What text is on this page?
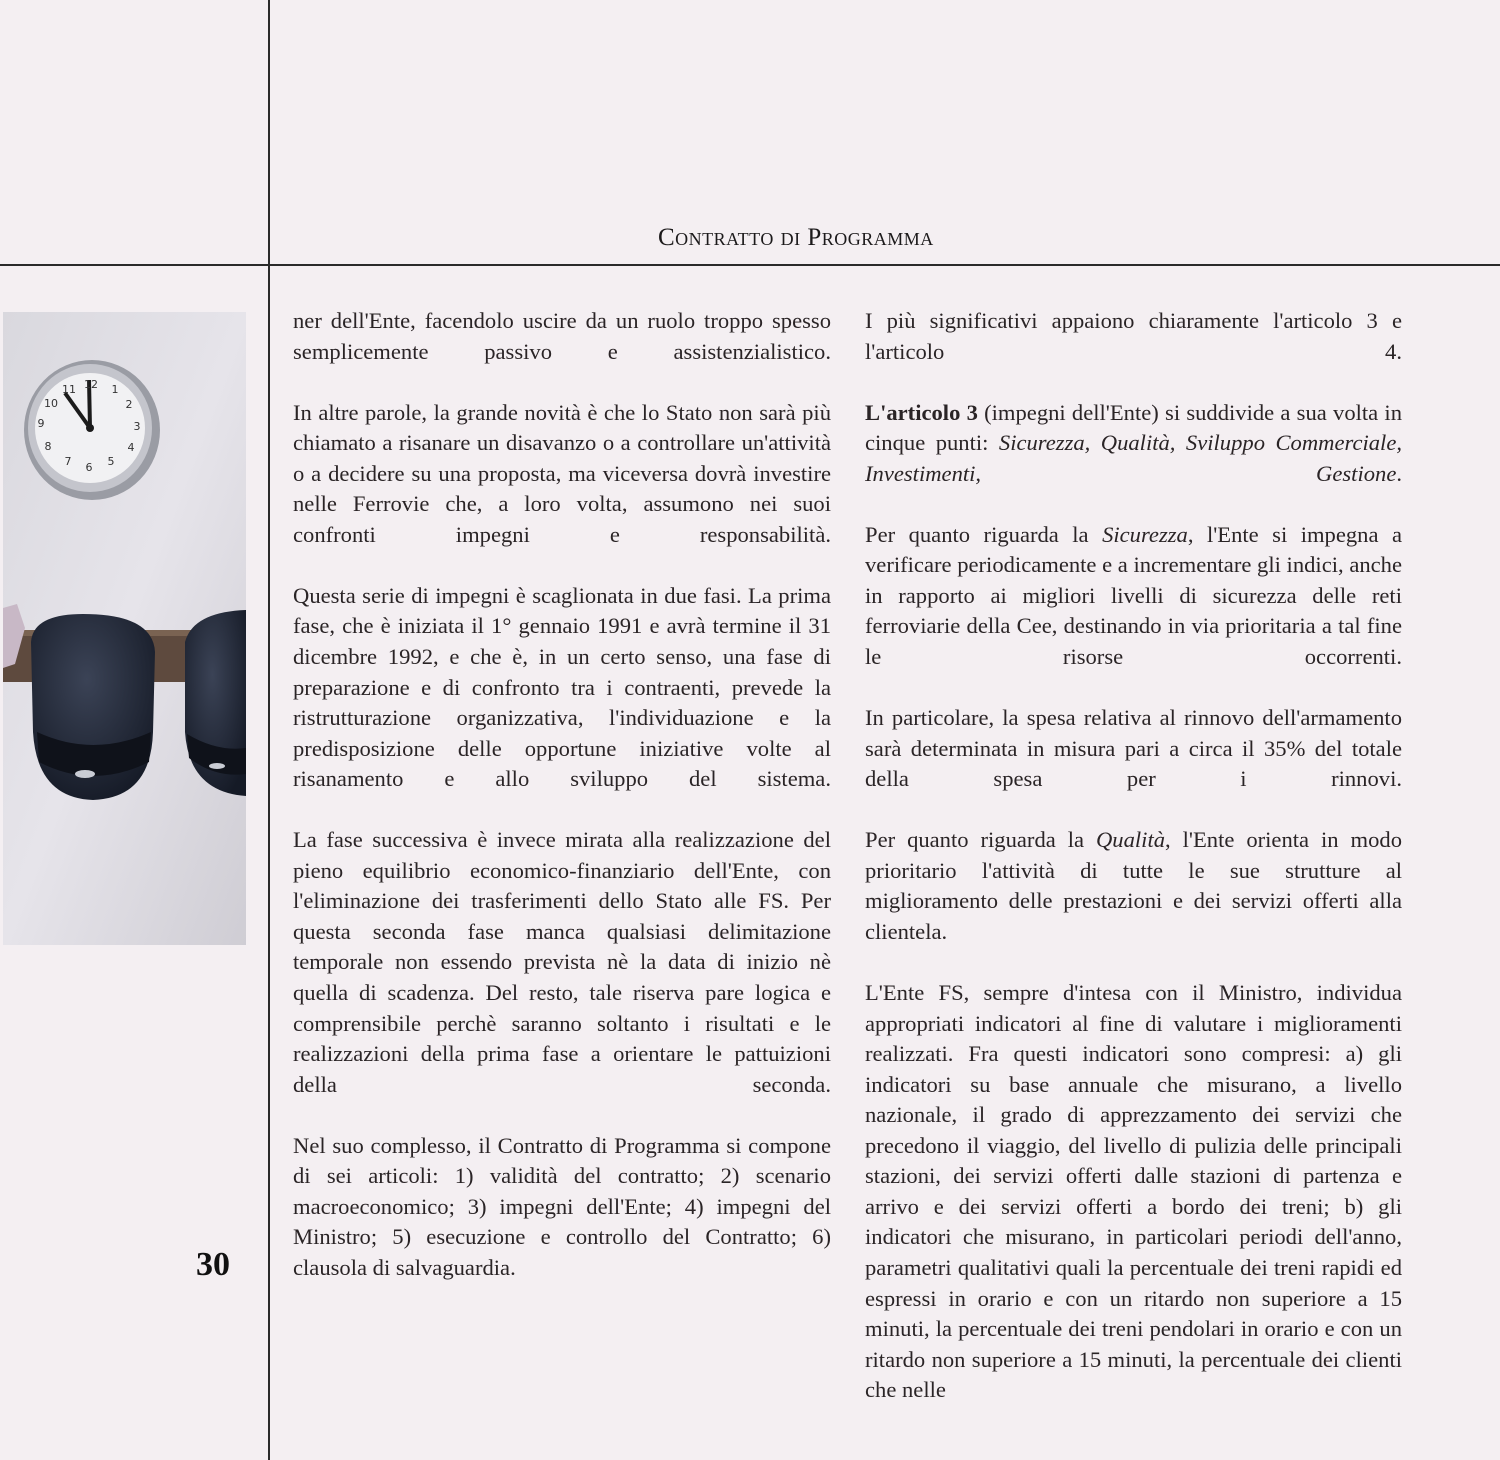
Contratto di Programma
12 1
2
3
4
5
6
7
8
9
10
11
30

ner dell'Ente, facendolo uscire da un ruolo troppo spesso semplicemente passivo e assistenzialistico.

In altre parole, la grande novità è che lo Stato non sarà più chiamato a risanare un disavanzo o a controllare un'attività o a decidere su una proposta, ma viceversa dovrà investire nelle Ferrovie che, a loro volta, assumono nei suoi confronti impegni e responsabilità.

Questa serie di impegni è scaglionata in due fasi. La prima fase, che è iniziata il 1° gennaio 1991 e avrà termine il 31 dicembre 1992, e che è, in un certo senso, una fase di preparazione e di confronto tra i contraenti, prevede la ristrutturazione organizzativa, l'individuazione e la predisposizione delle opportune iniziative volte al risanamento e allo sviluppo del sistema.

La fase successiva è invece mirata alla realizzazione del pieno equilibrio economico-finanziario dell'Ente, con l'eliminazione dei trasferimenti dello Stato alle FS. Per questa seconda fase manca qualsiasi delimitazione temporale non essendo prevista nè la data di inizio nè quella di scadenza. Del resto, tale riserva pare logica e comprensibile perchè saranno soltanto i risultati e le realizzazioni della prima fase a orientare le pattuizioni della seconda.

Nel suo complesso, il Contratto di Programma si compone di sei articoli: 1) validità del contratto; 2) scenario macroeconomico; 3) impegni dell'Ente; 4) impegni del Ministro; 5) esecuzione e controllo del Contratto; 6) clausola di salvaguardia.

I più significativi appaiono chiaramente l'articolo 3 e l'articolo 4.

L'articolo 3 (impegni dell'Ente) si suddivide a sua volta in cinque punti: Sicurezza, Qualità, Sviluppo Commerciale, Investimenti, Gestione.

Per quanto riguarda la Sicurezza, l'Ente si impegna a verificare periodicamente e a incrementare gli indici, anche in rapporto ai migliori livelli di sicurezza delle reti ferroviarie della Cee, destinando in via prioritaria a tal fine le risorse occorrenti.

In particolare, la spesa relativa al rinnovo dell'armamento sarà determinata in misura pari a circa il 35% del totale della spesa per i rinnovi.

Per quanto riguarda la Qualità, l'Ente orienta in modo prioritario l'attività di tutte le sue strutture al miglioramento delle prestazioni e dei servizi offerti alla clientela.

L'Ente FS, sempre d'intesa con il Ministro, individua appropriati indicatori al fine di valutare i miglioramenti realizzati. Fra questi indicatori sono compresi: a) gli indicatori su base annuale che misurano, a livello nazionale, il grado di apprezzamento dei servizi che precedono il viaggio, del livello di pulizia delle principali stazioni, dei servizi offerti dalle stazioni di partenza e arrivo e dei servizi offerti a bordo dei treni; b) gli indicatori che misurano, in particolari periodi dell'anno, parametri qualitativi quali la percentuale dei treni rapidi ed espressi in orario e con un ritardo non superiore a 15 minuti, la percentuale dei treni pendolari in orario e con un ritardo non superiore a 15 minuti, la percentuale dei clienti che nelle
